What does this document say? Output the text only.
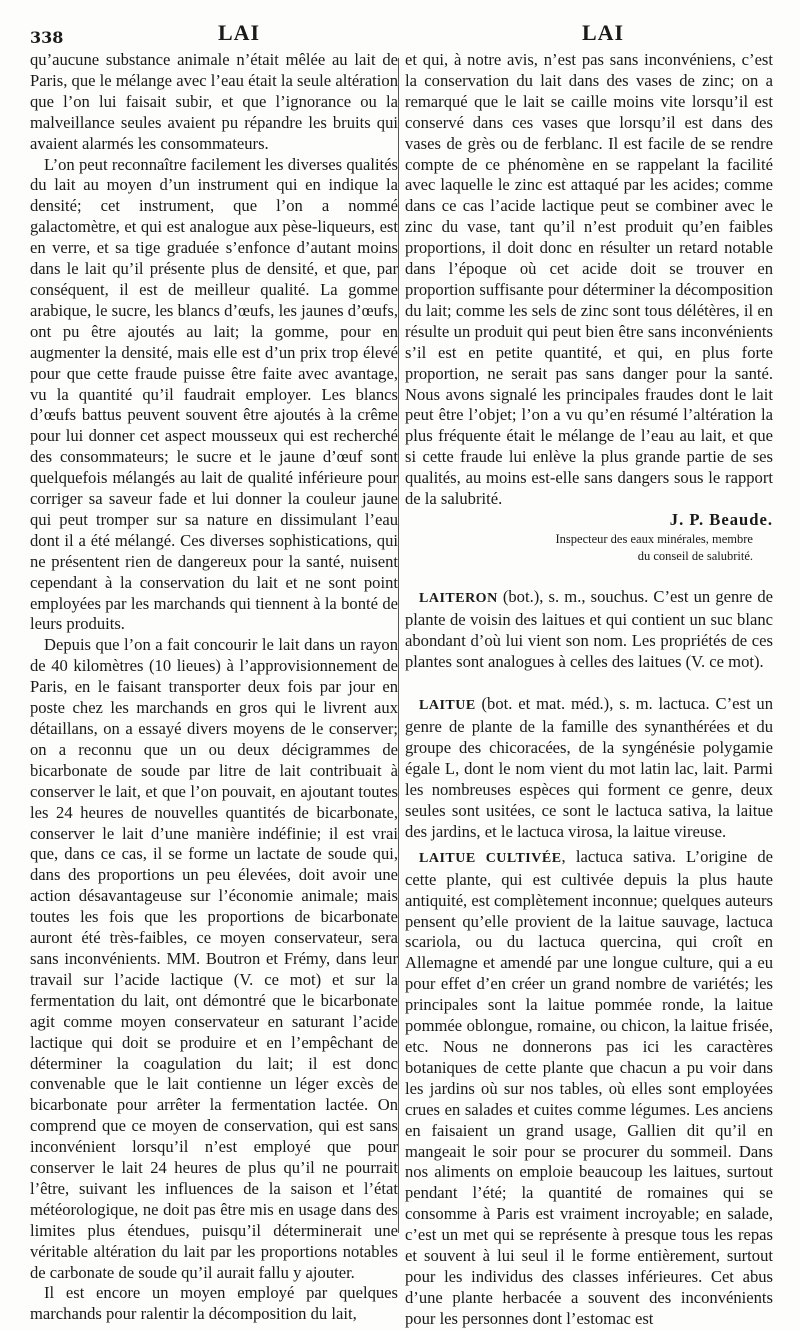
338	LAI	LAI

qu’aucune substance animale n’était mêlée au lait de Paris, que le mélange avec l’eau était la seule altération que l’on lui faisait subir, et que l’ignorance ou la malveillance seules avaient pu répandre les bruits qui avaient alarmés les consommateurs.

L’on peut reconnaître facilement les diverses qualités du lait au moyen d’un instrument qui en indique la densité; cet instrument, que l’on a nommé galactomètre, et qui est analogue aux pèse-liqueurs, est en verre, et sa tige graduée s’enfonce d’autant moins dans le lait qu’il présente plus de densité, et que, par conséquent, il est de meilleur qualité. La gomme arabique, le sucre, les blancs d’œufs, les jaunes d’œufs, ont pu être ajoutés au lait; la gomme, pour en augmenter la densité, mais elle est d’un prix trop élevé pour que cette fraude puisse être faite avec avantage, vu la quantité qu’il faudrait employer. Les blancs d’œufs battus peuvent souvent être ajoutés à la crême pour lui donner cet aspect mousseux qui est recherché des consommateurs; le sucre et le jaune d’œuf sont quelquefois mélangés au lait de qualité inférieure pour corriger sa saveur fade et lui donner la couleur jaune qui peut tromper sur sa nature en dissimulant l’eau dont il a été mélangé. Ces diverses sophistications, qui ne présentent rien de dangereux pour la santé, nuisent cependant à la conservation du lait et ne sont point employées par les marchands qui tiennent à la bonté de leurs produits.

Depuis que l’on a fait concourir le lait dans un rayon de 40 kilomètres (10 lieues) à l’approvisionnement de Paris, en le faisant transporter deux fois par jour en poste chez les marchands en gros qui le livrent aux détaillans, on a essayé divers moyens de le conserver; on a reconnu que un ou deux décigrammes de bicarbonate de soude par litre de lait contribuait à conserver le lait, et que l’on pouvait, en ajoutant toutes les 24 heures de nouvelles quantités de bicarbonate, conserver le lait d’une manière indéfinie; il est vrai que, dans ce cas, il se forme un lactate de soude qui, dans des proportions un peu élevées, doit avoir une action désavantageuse sur l’économie animale; mais toutes les fois que les proportions de bicarbonate auront été très-faibles, ce moyen conservateur, sera sans inconvénients. MM. Boutron et Frémy, dans leur travail sur l’acide lactique (V. ce mot) et sur la fermentation du lait, ont démontré que le bicarbonate agit comme moyen conservateur en saturant l’acide lactique qui doit se produire et en l’empêchant de déterminer la coagulation du lait; il est donc convenable que le lait contienne un léger excès de bicarbonate pour arrêter la fermentation lactée. On comprend que ce moyen de conservation, qui est sans inconvénient lorsqu’il n’est employé que pour conserver le lait 24 heures de plus qu’il ne pourrait l’être, suivant les influences de la saison et l’état météorologique, ne doit pas être mis en usage dans des limites plus étendues, puisqu’il déterminerait une véritable altération du lait par les proportions notables de carbonate de soude qu’il aurait fallu y ajouter.

Il est encore un moyen employé par quelques marchands pour ralentir la décomposition du lait,

et qui, à notre avis, n’est pas sans inconvéniens, c’est la conservation du lait dans des vases de zinc; on a remarqué que le lait se caille moins vite lorsqu’il est conservé dans ces vases que lorsqu’il est dans des vases de grès ou de ferblanc. Il est facile de se rendre compte de ce phénomène en se rappelant la facilité avec laquelle le zinc est attaqué par les acides; comme dans ce cas l’acide lactique peut se combiner avec le zinc du vase, tant qu’il n’est produit qu’en faibles proportions, il doit donc en résulter un retard notable dans l’époque où cet acide doit se trouver en proportion suffisante pour déterminer la décomposition du lait; comme les sels de zinc sont tous délétères, il en résulte un produit qui peut bien être sans inconvénients s’il est en petite quantité, et qui, en plus forte proportion, ne serait pas sans danger pour la santé. Nous avons signalé les principales fraudes dont le lait peut être l’objet; l’on a vu qu’en résumé l’altération la plus fréquente était le mélange de l’eau au lait, et que si cette fraude lui enlève la plus grande partie de ses qualités, au moins est-elle sans dangers sous le rapport de la salubrité.

J. P. Beaude.

Inspecteur des eaux minérales, membre
du conseil de salubrité.

LAITERON (bot.), s. m., souchus. C’est un genre de plante de voisin des laitues et qui contient un suc blanc abondant d’où lui vient son nom. Les propriétés de ces plantes sont analogues à celles des laitues (V. ce mot).

LAITUE (bot. et mat. méd.), s. m. lactuca. C’est un genre de plante de la famille des synanthérées et du groupe des chicoracées, de la syngénésie polygamie égale L, dont le nom vient du mot latin lac, lait. Parmi les nombreuses espèces qui forment ce genre, deux seules sont usitées, ce sont le lactuca sativa, la laitue des jardins, et le lactuca virosa, la laitue vireuse.

LAITUE CULTIVÉE, lactuca sativa. L’origine de cette plante, qui est cultivée depuis la plus haute antiquité, est complètement inconnue; quelques auteurs pensent qu’elle provient de la laitue sauvage, lactuca scariola, ou du lactuca quercina, qui croît en Allemagne et amendé par une longue culture, qui a eu pour effet d’en créer un grand nombre de variétés; les principales sont la laitue pommée ronde, la laitue pommée oblongue, romaine, ou chicon, la laitue frisée, etc. Nous ne donnerons pas ici les caractères botaniques de cette plante que chacun a pu voir dans les jardins où sur nos tables, où elles sont employées crues en salades et cuites comme légumes. Les anciens en faisaient un grand usage, Gallien dit qu’il en mangeait le soir pour se procurer du sommeil. Dans nos aliments on emploie beaucoup les laitues, surtout pendant l’été; la quantité de romaines qui se consomme à Paris est vraiment incroyable; en salade, c’est un met qui se représente à presque tous les repas et souvent à lui seul il le forme entièrement, surtout pour les individus des classes inférieures. Cet abus d’une plante herbacée a souvent des inconvénients pour les personnes dont l’estomac est
